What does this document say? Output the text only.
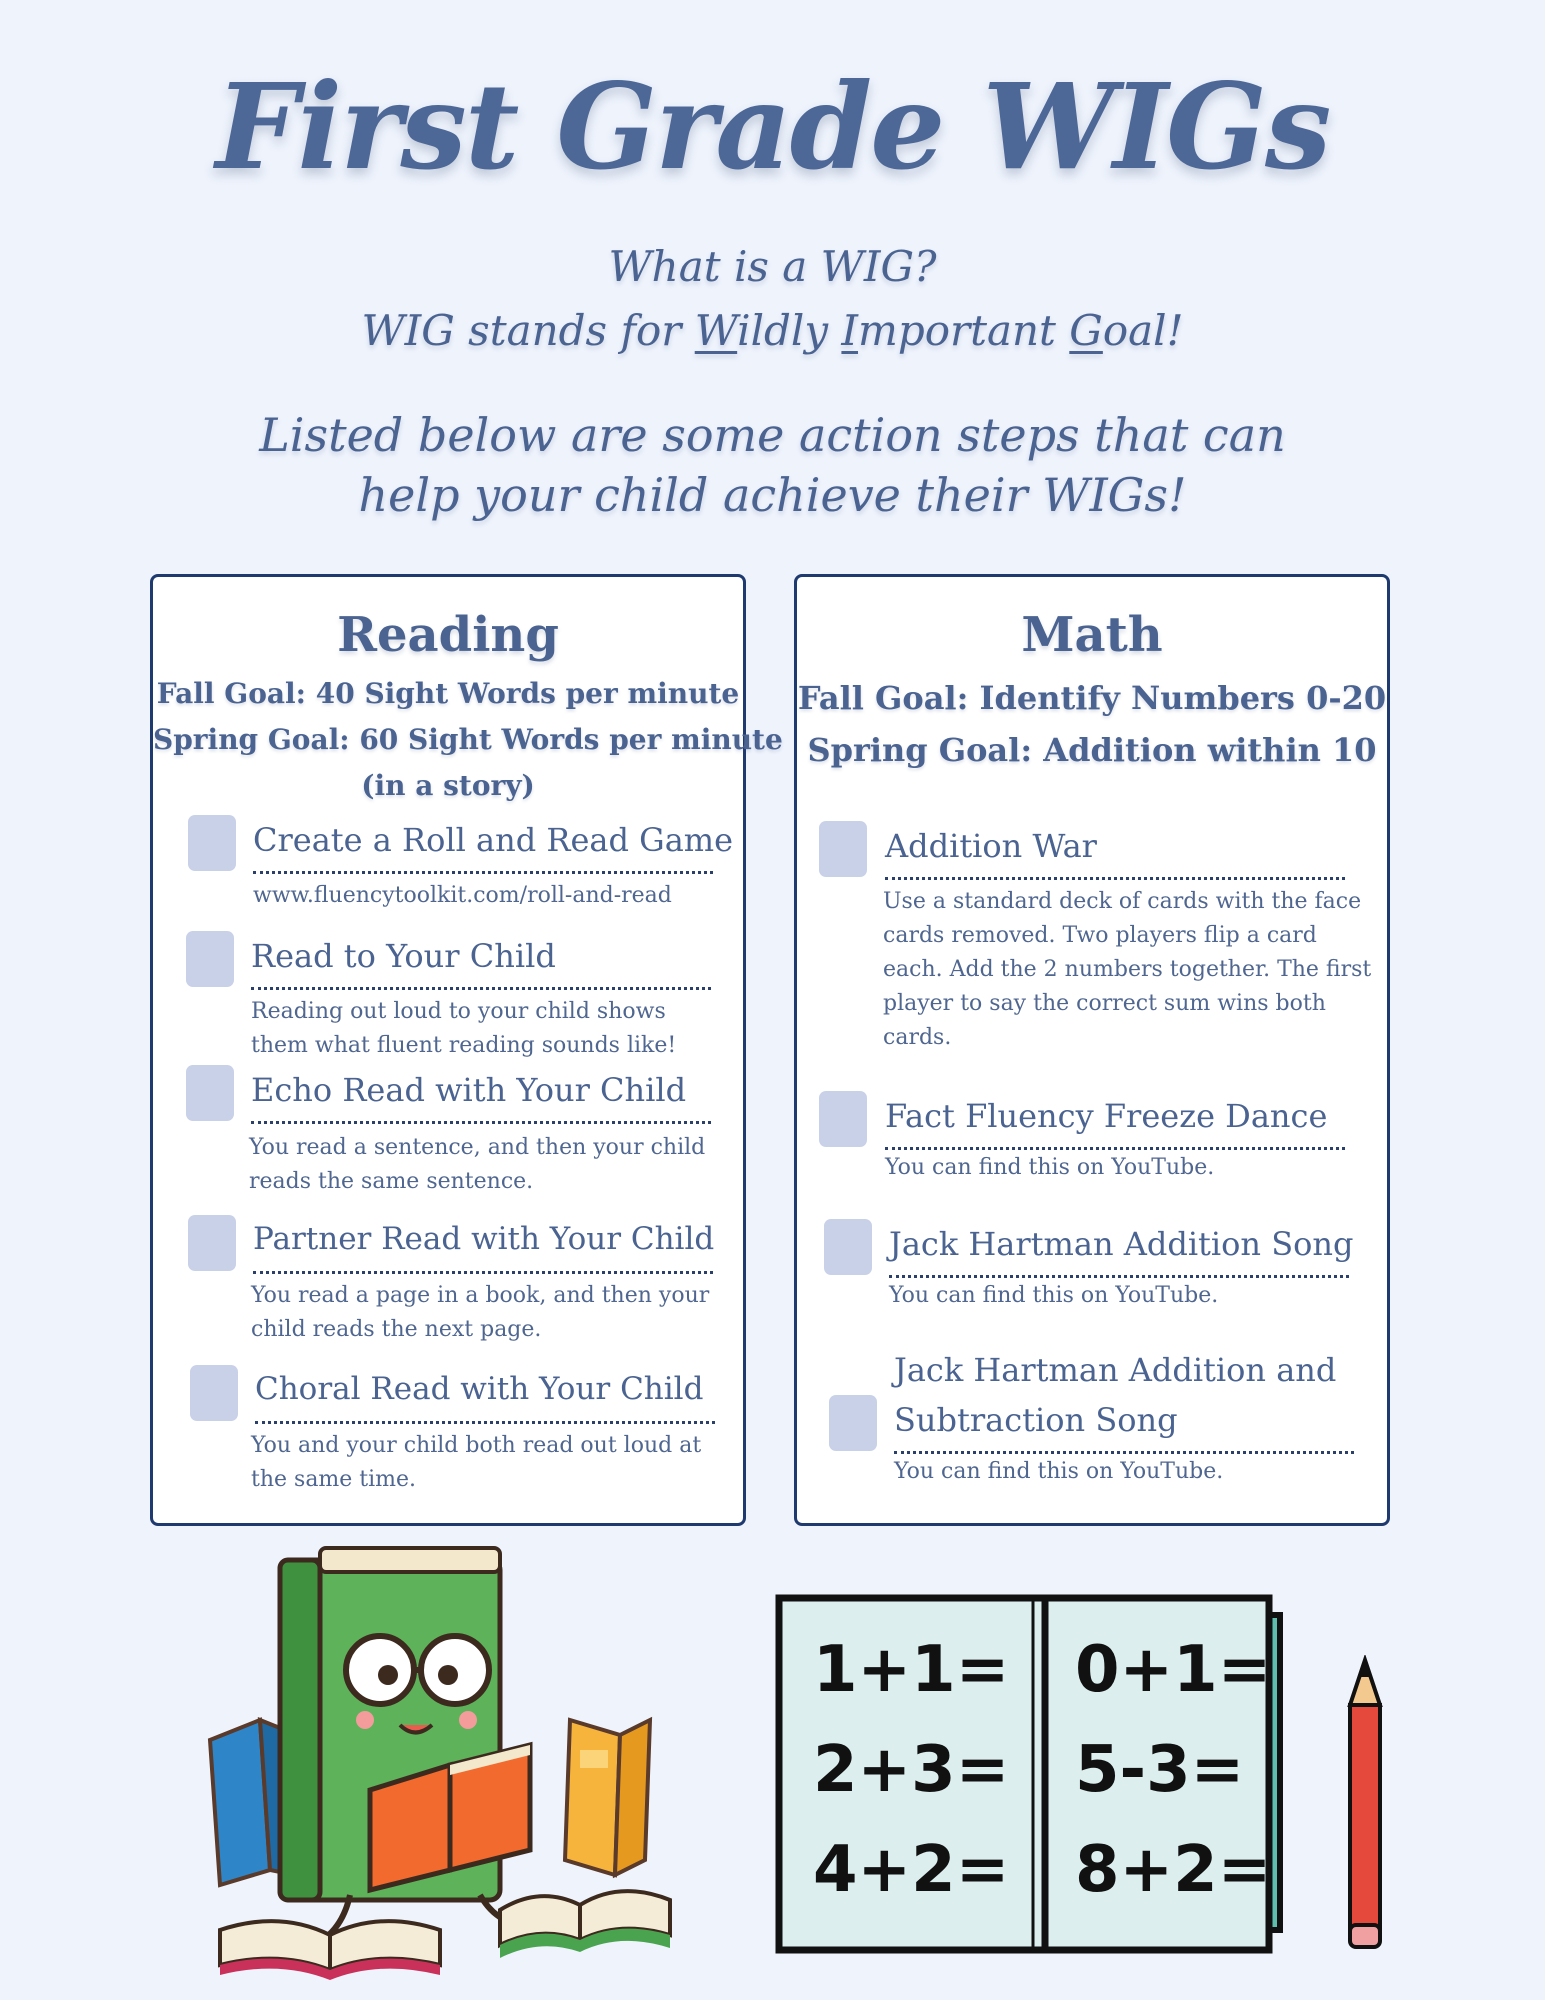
First Grade WIGs
What is a WIG?
WIG stands for Wildly Important Goal!
Listed below are some action steps that can
help your child achieve their WIGs!
Reading
Fall Goal: 40 Sight Words per minute
Spring Goal: 60 Sight Words per minute
(in a story)
Create a Roll and Read Game
www.fluencytoolkit.com/roll-and-read
Read to Your Child
Reading out loud to your child shows them what fluent reading sounds like!
Echo Read with Your Child
You read a sentence, and then your child reads the same sentence.
Partner Read with Your Child
You read a page in a book, and then your child reads the next page.
Choral Read with Your Child
You and your child both read out loud at the same time.
Math
Fall Goal: Identify Numbers 0-20
Spring Goal: Addition within 10
Addition War
Use a standard deck of cards with the face cards removed. Two players flip a card each. Add the 2 numbers together. The first player to say the correct sum wins both cards.
Fact Fluency Freeze Dance
You can find this on YouTube.
Jack Hartman Addition Song
You can find this on YouTube.
Jack Hartman Addition and Subtraction Song
You can find this on YouTube.
1+1=
2+3=
4+2=
0+1=
5-3=
8+2=
